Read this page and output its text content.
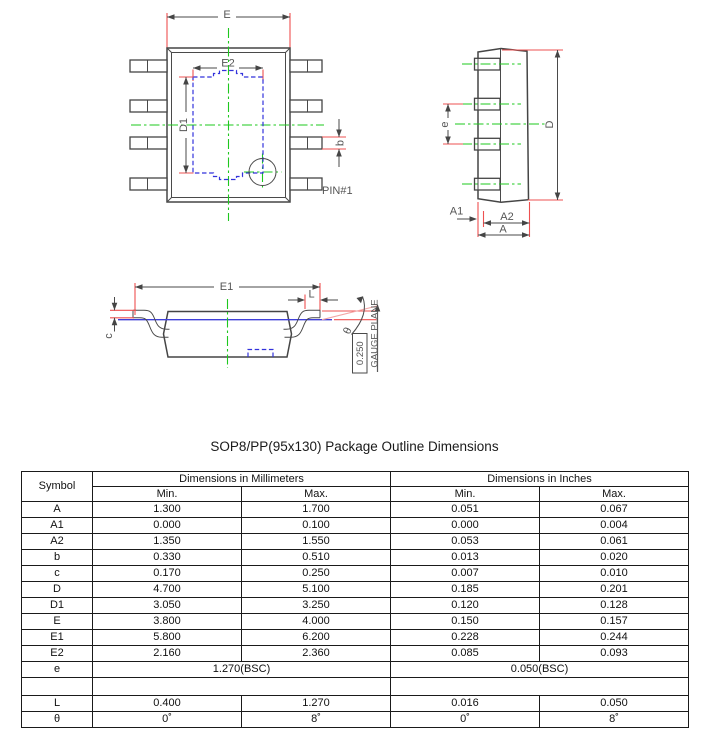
E
E2
D1
b
PIN#1
e	D
A1	A2
A
E1
c
L
θ
0.250 GAUGE PLANE
SOP8/PP(95x130) Package Outline Dimensions
Symbol	Dimensions in Millimeters		Dimensions in Inches	
	Min.	Max.	Min.	Max.
A	1.300	1.700	0.051	0.067
A1	0.000	0.100	0.000	0.004
A2	1.350	1.550	0.053	0.061
b	0.330	0.510	0.013	0.020
c	0.170	0.250	0.007	0.010
D	4.700	5.100	0.185	0.201
D1	3.050	3.250	0.120	0.128
E	3.800	4.000	0.150	0.157
E1	5.800	6.200	0.228	0.244
E2	2.160	2.360	0.085	0.093
e	1.270(BSC)		0.050(BSC)	

L	0.400	1.270	0.016	0.050
θ	0˚	8˚	0˚	8˚
